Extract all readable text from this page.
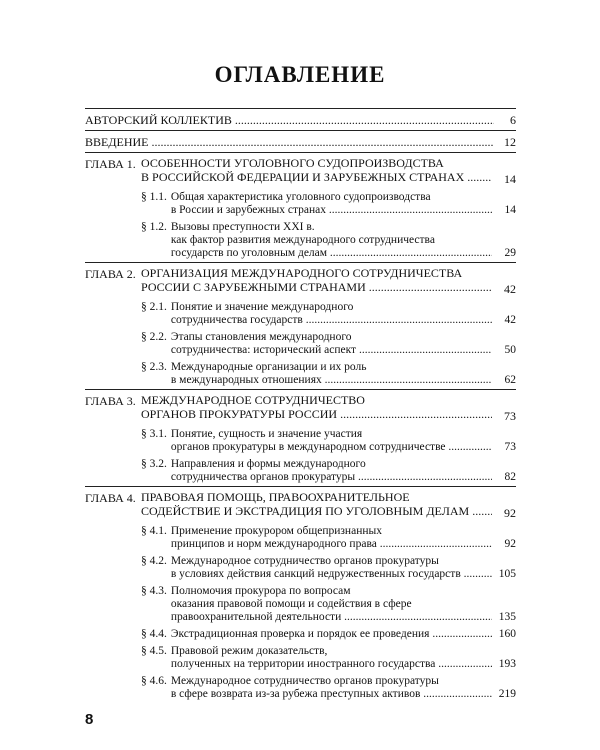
ОГЛАВЛЕНИЕ
АВТОРСКИЙ КОЛЛЕКТИВ .....	6
ВВЕДЕНИЕ .....	12
ГЛАВА 1. ОСОБЕННОСТИ УГОЛОВНОГО СУДОПРОИЗВОДСТВА
В РОССИЙСКОЙ ФЕДЕРАЦИИ И ЗАРУБЕЖНЫХ СТРАНАХ .....	14
§ 1.1. Общая характеристика уголовного судопроизводства
в России и зарубежных странах .....	14
§ 1.2. Вызовы преступности XXI в.
как фактор развития международного сотрудничества
государств по уголовным делам .....	29
ГЛАВА 2. ОРГАНИЗАЦИЯ МЕЖДУНАРОДНОГО СОТРУДНИЧЕСТВА
РОССИИ С ЗАРУБЕЖНЫМИ СТРАНАМИ .....	42
§ 2.1. Понятие и значение международного
сотрудничества государств .....	42
§ 2.2. Этапы становления международного
сотрудничества: исторический аспект .....	50
§ 2.3. Международные организации и их роль
в международных отношениях .....	62
ГЛАВА 3. МЕЖДУНАРОДНОЕ СОТРУДНИЧЕСТВО
ОРГАНОВ ПРОКУРАТУРЫ РОССИИ .....	73
§ 3.1. Понятие, сущность и значение участия
органов прокуратуры в международном сотрудничестве .....	73
§ 3.2. Направления и формы международного
сотрудничества органов прокуратуры .....	82
ГЛАВА 4. ПРАВОВАЯ ПОМОЩЬ, ПРАВООХРАНИТЕЛЬНОЕ
СОДЕЙСТВИЕ И ЭКСТРАДИЦИЯ ПО УГОЛОВНЫМ ДЕЛАМ .....	92
§ 4.1. Применение прокурором общепризнанных
принципов и норм международного права .....	92
§ 4.2. Международное сотрудничество органов прокуратуры
в условиях действия санкций недружественных государств .....	105
§ 4.3. Полномочия прокурора по вопросам
оказания правовой помощи и содействия в сфере
правоохранительной деятельности .....	135
§ 4.4. Экстрадиционная проверка и порядок ее проведения .....	160
§ 4.5. Правовой режим доказательств,
полученных на территории иностранного государства .....	193
§ 4.6. Международное сотрудничество органов прокуратуры
в сфере возврата из-за рубежа преступных активов .....	219
8
